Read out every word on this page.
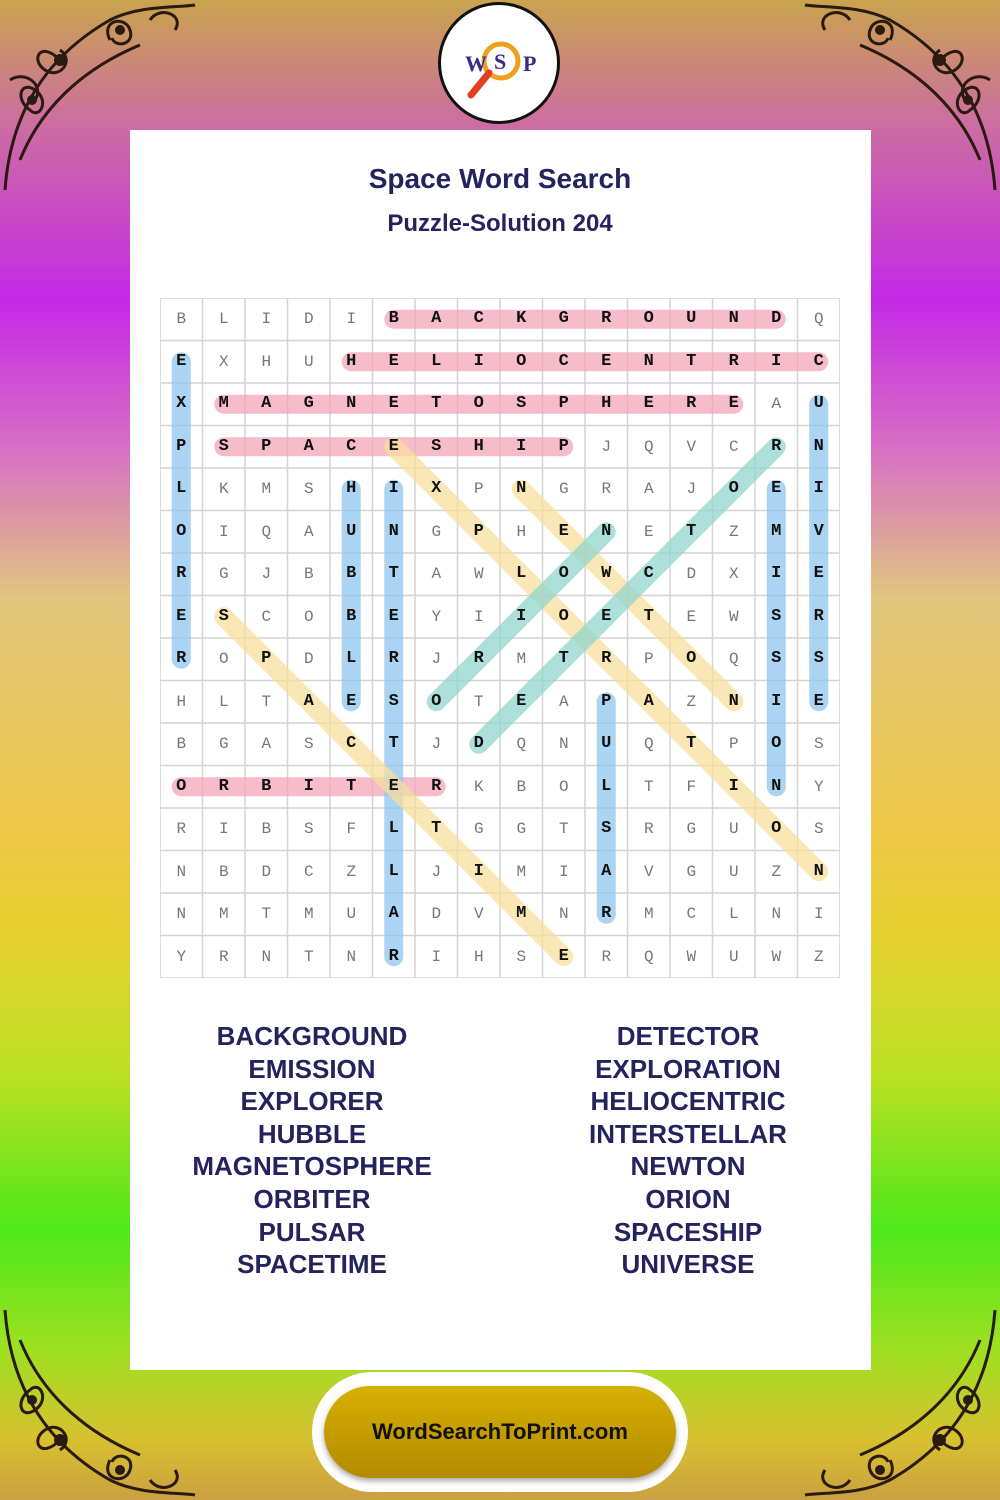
W S P
Space Word Search
Puzzle-Solution 204
B	L	I	D	I	B	A	C	K	G	R	O	U	N	D	Q
E	X	H	U	H	E	L	I	O	C	E	N	T	R	I	C
X	M	A	G	N	E	T	O	S	P	H	E	R	E	A	U
P	S	P	A	C	E	S	H	I	P	J	Q	V	C	R	N
L	K	M	S	H	I	X	P	N	G	R	A	J	O	E	I
O	I	Q	A	U	N	G	P	H	E	N	E	T	Z	M	V
R	G	J	B	B	T	A	W	L	O	W	C	D	X	I	E
E	S	C	O	B	E	Y	I	I	O	E	T	E	W	S	R
R	O	P	D	L	R	J	R	M	T	R	P	O	Q	S	S
H	L	T	A	E	S	O	T	E	A	P	A	Z	N	I	E
B	G	A	S	C	T	J	D	Q	N	U	Q	T	P	O	S
O	R	B	I	T	E	R	K	B	O	L	T	F	I	N	Y
R	I	B	S	F	L	T	G	G	T	S	R	G	U	O	S
N	B	D	C	Z	L	J	I	M	I	A	V	G	U	Z	N
N	M	T	M	U	A	D	V	M	N	R	M	C	L	N	I
Y	R	N	T	N	R	I	H	S	E	R	Q	W	U	W	Z
BACKGROUND
EMISSION
EXPLORER
HUBBLE
MAGNETOSPHERE
ORBITER
PULSAR
SPACETIME
DETECTOR
EXPLORATION
HELIOCENTRIC
INTERSTELLAR
NEWTON
ORION
SPACESHIP
UNIVERSE
WordSearchToPrint.com
